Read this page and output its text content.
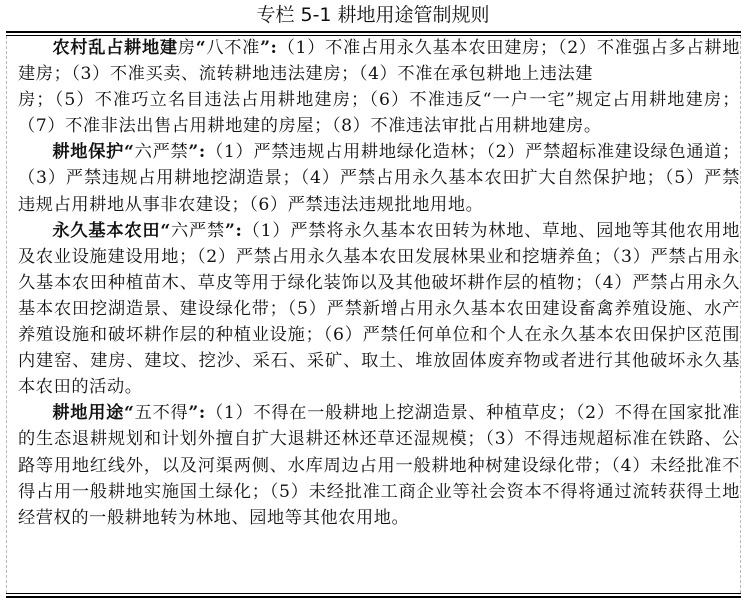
专栏 5-1 耕地用途管制规则

农村乱占耕地建房“八不准”:（1）不准占用永久基本农田建房；（2）不准强占多占耕地建房；（3）不准买卖、流转耕地违法建房；（4）不准在承包耕地上违法建

房；（5）不准巧立名目违法占用耕地建房；（6）不准违反“一户一宅”规定占用耕地建房；（7）不准非法出售占用耕地建的房屋；（8）不准违法审批占用耕地建房。

耕地保护“六严禁”:（1）严禁违规占用耕地绿化造林；（2）严禁超标准建设绿色通道；（3）严禁违规占用耕地挖湖造景；（4）严禁占用永久基本农田扩大自然保护地；（5）严禁违规占用耕地从事非农建设；（6）严禁违法违规批地用地。

永久基本农田“六严禁”:（1）严禁将永久基本农田转为林地、草地、园地等其他农用地及农业设施建设用地；（2）严禁占用永久基本农田发展林果业和挖塘养鱼；（3）严禁占用永久基本农田种植苗木、草皮等用于绿化装饰以及其他破坏耕作层的植物；（4）严禁占用永久基本农田挖湖造景、建设绿化带；（5）严禁新增占用永久基本农田建设畜禽养殖设施、水产养殖设施和破坏耕作层的种植业设施；（6）严禁任何单位和个人在永久基本农田保护区范围内建窑、建房、建坟、挖沙、采石、采矿、取土、堆放固体废弃物或者进行其他破坏永久基本农田的活动。

耕地用途“五不得”:（1）不得在一般耕地上挖湖造景、种植草皮；（2）不得在国家批准的生态退耕规划和计划外擅自扩大退耕还林还草还湿规模；（3）不得违规超标准在铁路、公路等用地红线外，以及河渠两侧、水库周边占用一般耕地种树建设绿化带；（4）未经批准不得占用一般耕地实施国土绿化；（5）未经批准工商企业等社会资本不得将通过流转获得土地经营权的一般耕地转为林地、园地等其他农用地。
